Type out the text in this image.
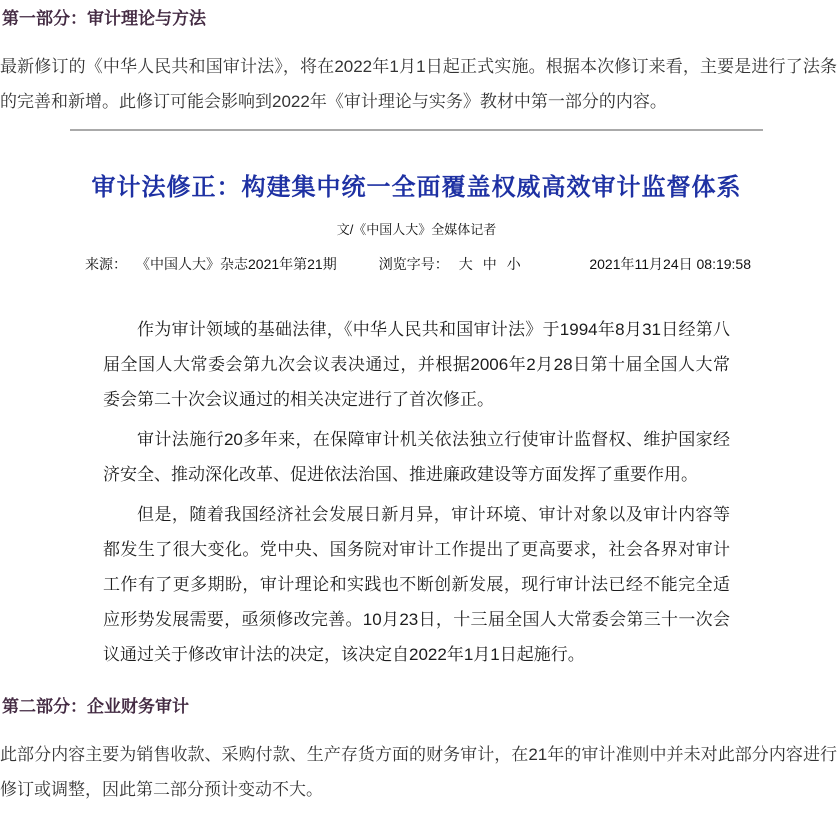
第一部分：审计理论与方法
最新修订的《中华人民共和国审计法》，将在2022年1月1日起正式实施。根据本次修订来看，主要是进行了法条的完善和新增。此修订可能会影响到2022年《审计理论与实务》教材中第一部分的内容。
审计法修正：构建集中统一全面覆盖权威高效审计监督体系
文/《中国人大》全媒体记者
来源： 《中国人大》杂志2021年第21期	浏览字号： 大 中 小	2021年11月24日 08:19:58

作为审计领域的基础法律，《中华人民共和国审计法》于1994年8月31日经第八届全国人大常委会第九次会议表决通过，并根据2006年2月28日第十届全国人大常委会第二十次会议通过的相关决定进行了首次修正。

审计法施行20多年来，在保障审计机关依法独立行使审计监督权、维护国家经济安全、推动深化改革、促进依法治国、推进廉政建设等方面发挥了重要作用。

但是，随着我国经济社会发展日新月异，审计环境、审计对象以及审计内容等都发生了很大变化。党中央、国务院对审计工作提出了更高要求，社会各界对审计工作有了更多期盼，审计理论和实践也不断创新发展，现行审计法已经不能完全适应形势发展需要，亟须修改完善。10月23日，十三届全国人大常委会第三十一次会议通过关于修改审计法的决定，该决定自2022年1月1日起施行。

第二部分：企业财务审计
此部分内容主要为销售收款、采购付款、生产存货方面的财务审计，在21年的审计准则中并未对此部分内容进行修订或调整，因此第二部分预计变动不大。
